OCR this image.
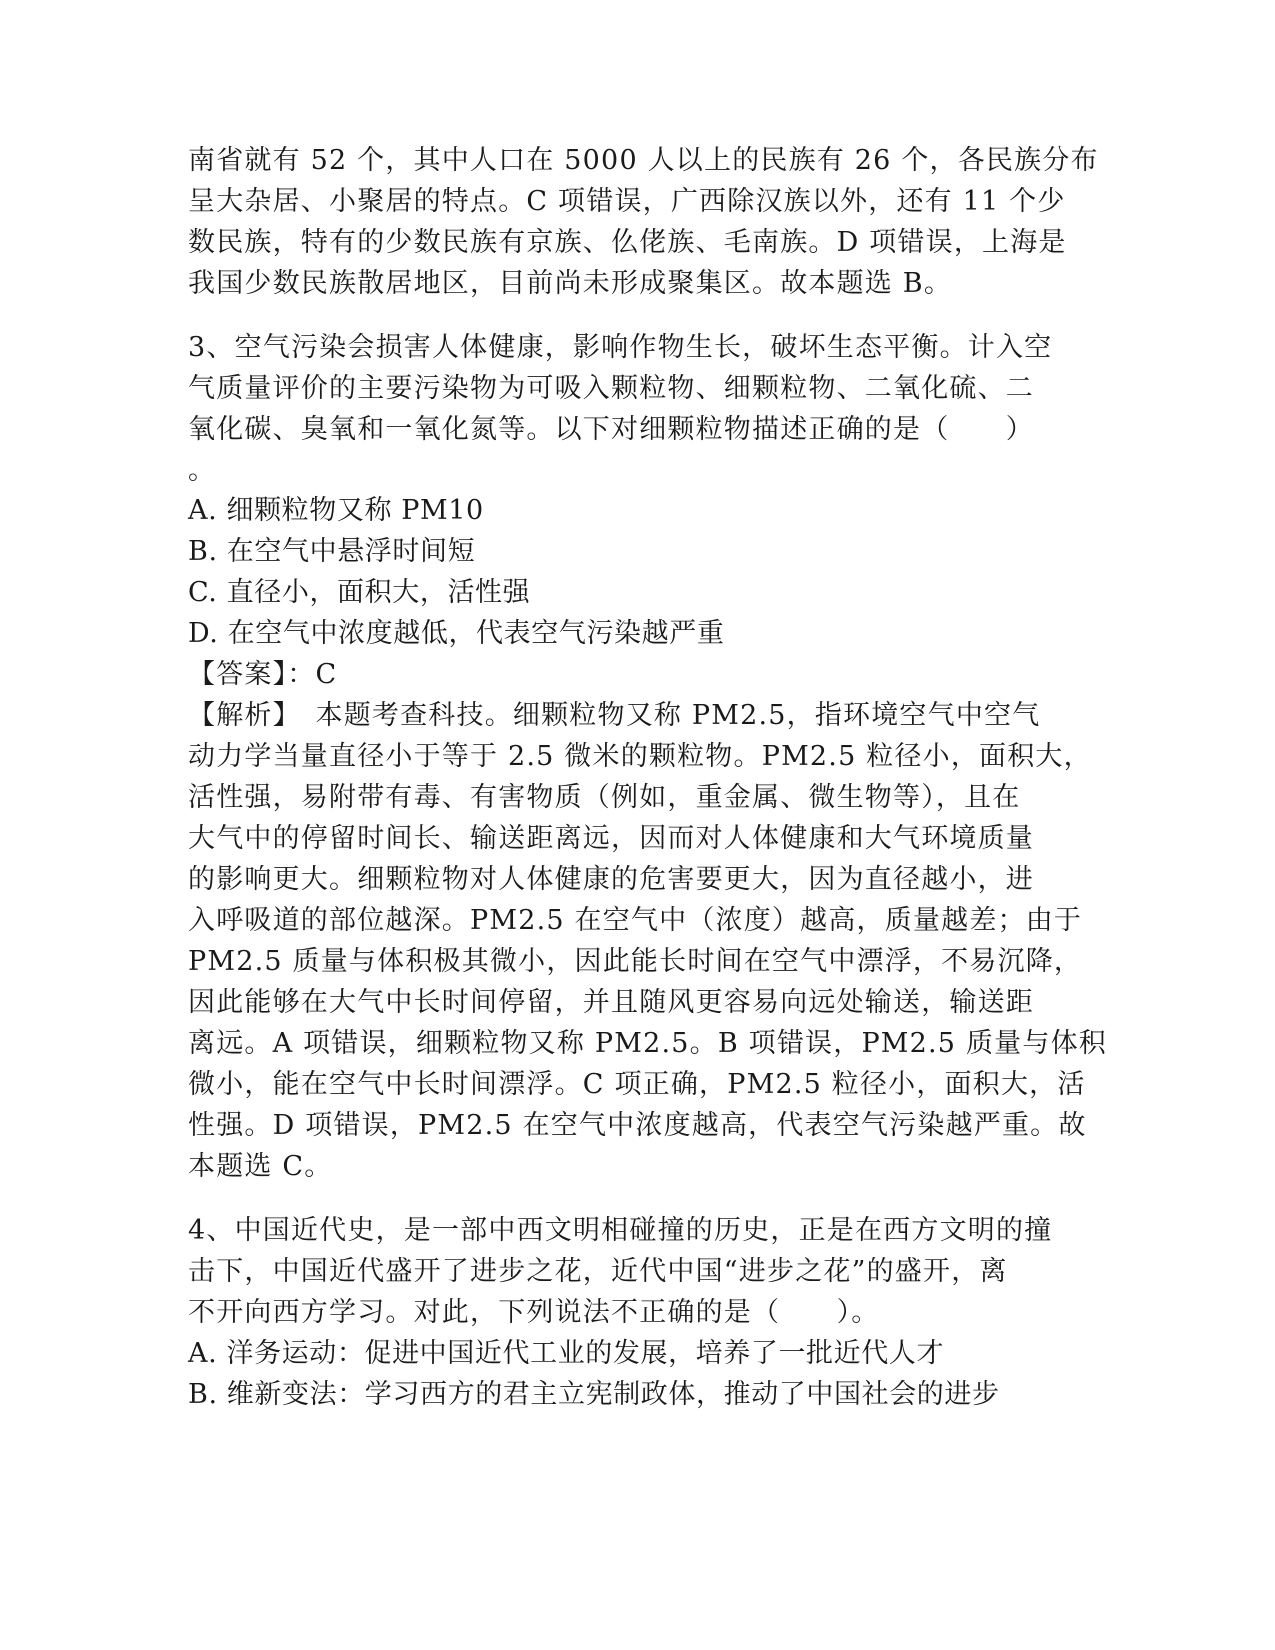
南省就有 52 个，其中人口在 5000 人以上的民族有 26 个，各民族分布
呈大杂居、小聚居的特点。C 项错误，广西除汉族以外，还有 11 个少
数民族，特有的少数民族有京族、仫佬族、毛南族。D 项错误，上海是
我国少数民族散居地区，目前尚未形成聚集区。故本题选 B。
3、空气污染会损害人体健康，影响作物生长，破坏生态平衡。计入空
气质量评价的主要污染物为可吸入颗粒物、细颗粒物、二氧化硫、二
氧化碳、臭氧和一氧化氮等。以下对细颗粒物描述正确的是（　　）
。
A. 细颗粒物又称 PM10
B. 在空气中悬浮时间短
C. 直径小，面积大，活性强
D. 在空气中浓度越低，代表空气污染越严重
【答案】：C
【解析】　本题考查科技。细颗粒物又称 PM2.5，指环境空气中空气
动力学当量直径小于等于 2.5 微米的颗粒物。PM2.5 粒径小，面积大，
活性强，易附带有毒、有害物质（例如，重金属、微生物等），且在
大气中的停留时间长、输送距离远，因而对人体健康和大气环境质量
的影响更大。细颗粒物对人体健康的危害要更大，因为直径越小，进
入呼吸道的部位越深。PM2.5 在空气中（浓度）越高，质量越差；由于
PM2.5 质量与体积极其微小，因此能长时间在空气中漂浮，不易沉降，
因此能够在大气中长时间停留，并且随风更容易向远处输送，输送距
离远。A 项错误，细颗粒物又称 PM2.5。B 项错误，PM2.5 质量与体积
微小，能在空气中长时间漂浮。C 项正确，PM2.5 粒径小，面积大，活
性强。D 项错误，PM2.5 在空气中浓度越高，代表空气污染越严重。故
本题选 C。
4、中国近代史，是一部中西文明相碰撞的历史，正是在西方文明的撞
击下，中国近代盛开了进步之花，近代中国“进步之花”的盛开，离
不开向西方学习。对此，下列说法不正确的是（　　）。
A. 洋务运动：促进中国近代工业的发展，培养了一批近代人才
B. 维新变法：学习西方的君主立宪制政体，推动了中国社会的进步
